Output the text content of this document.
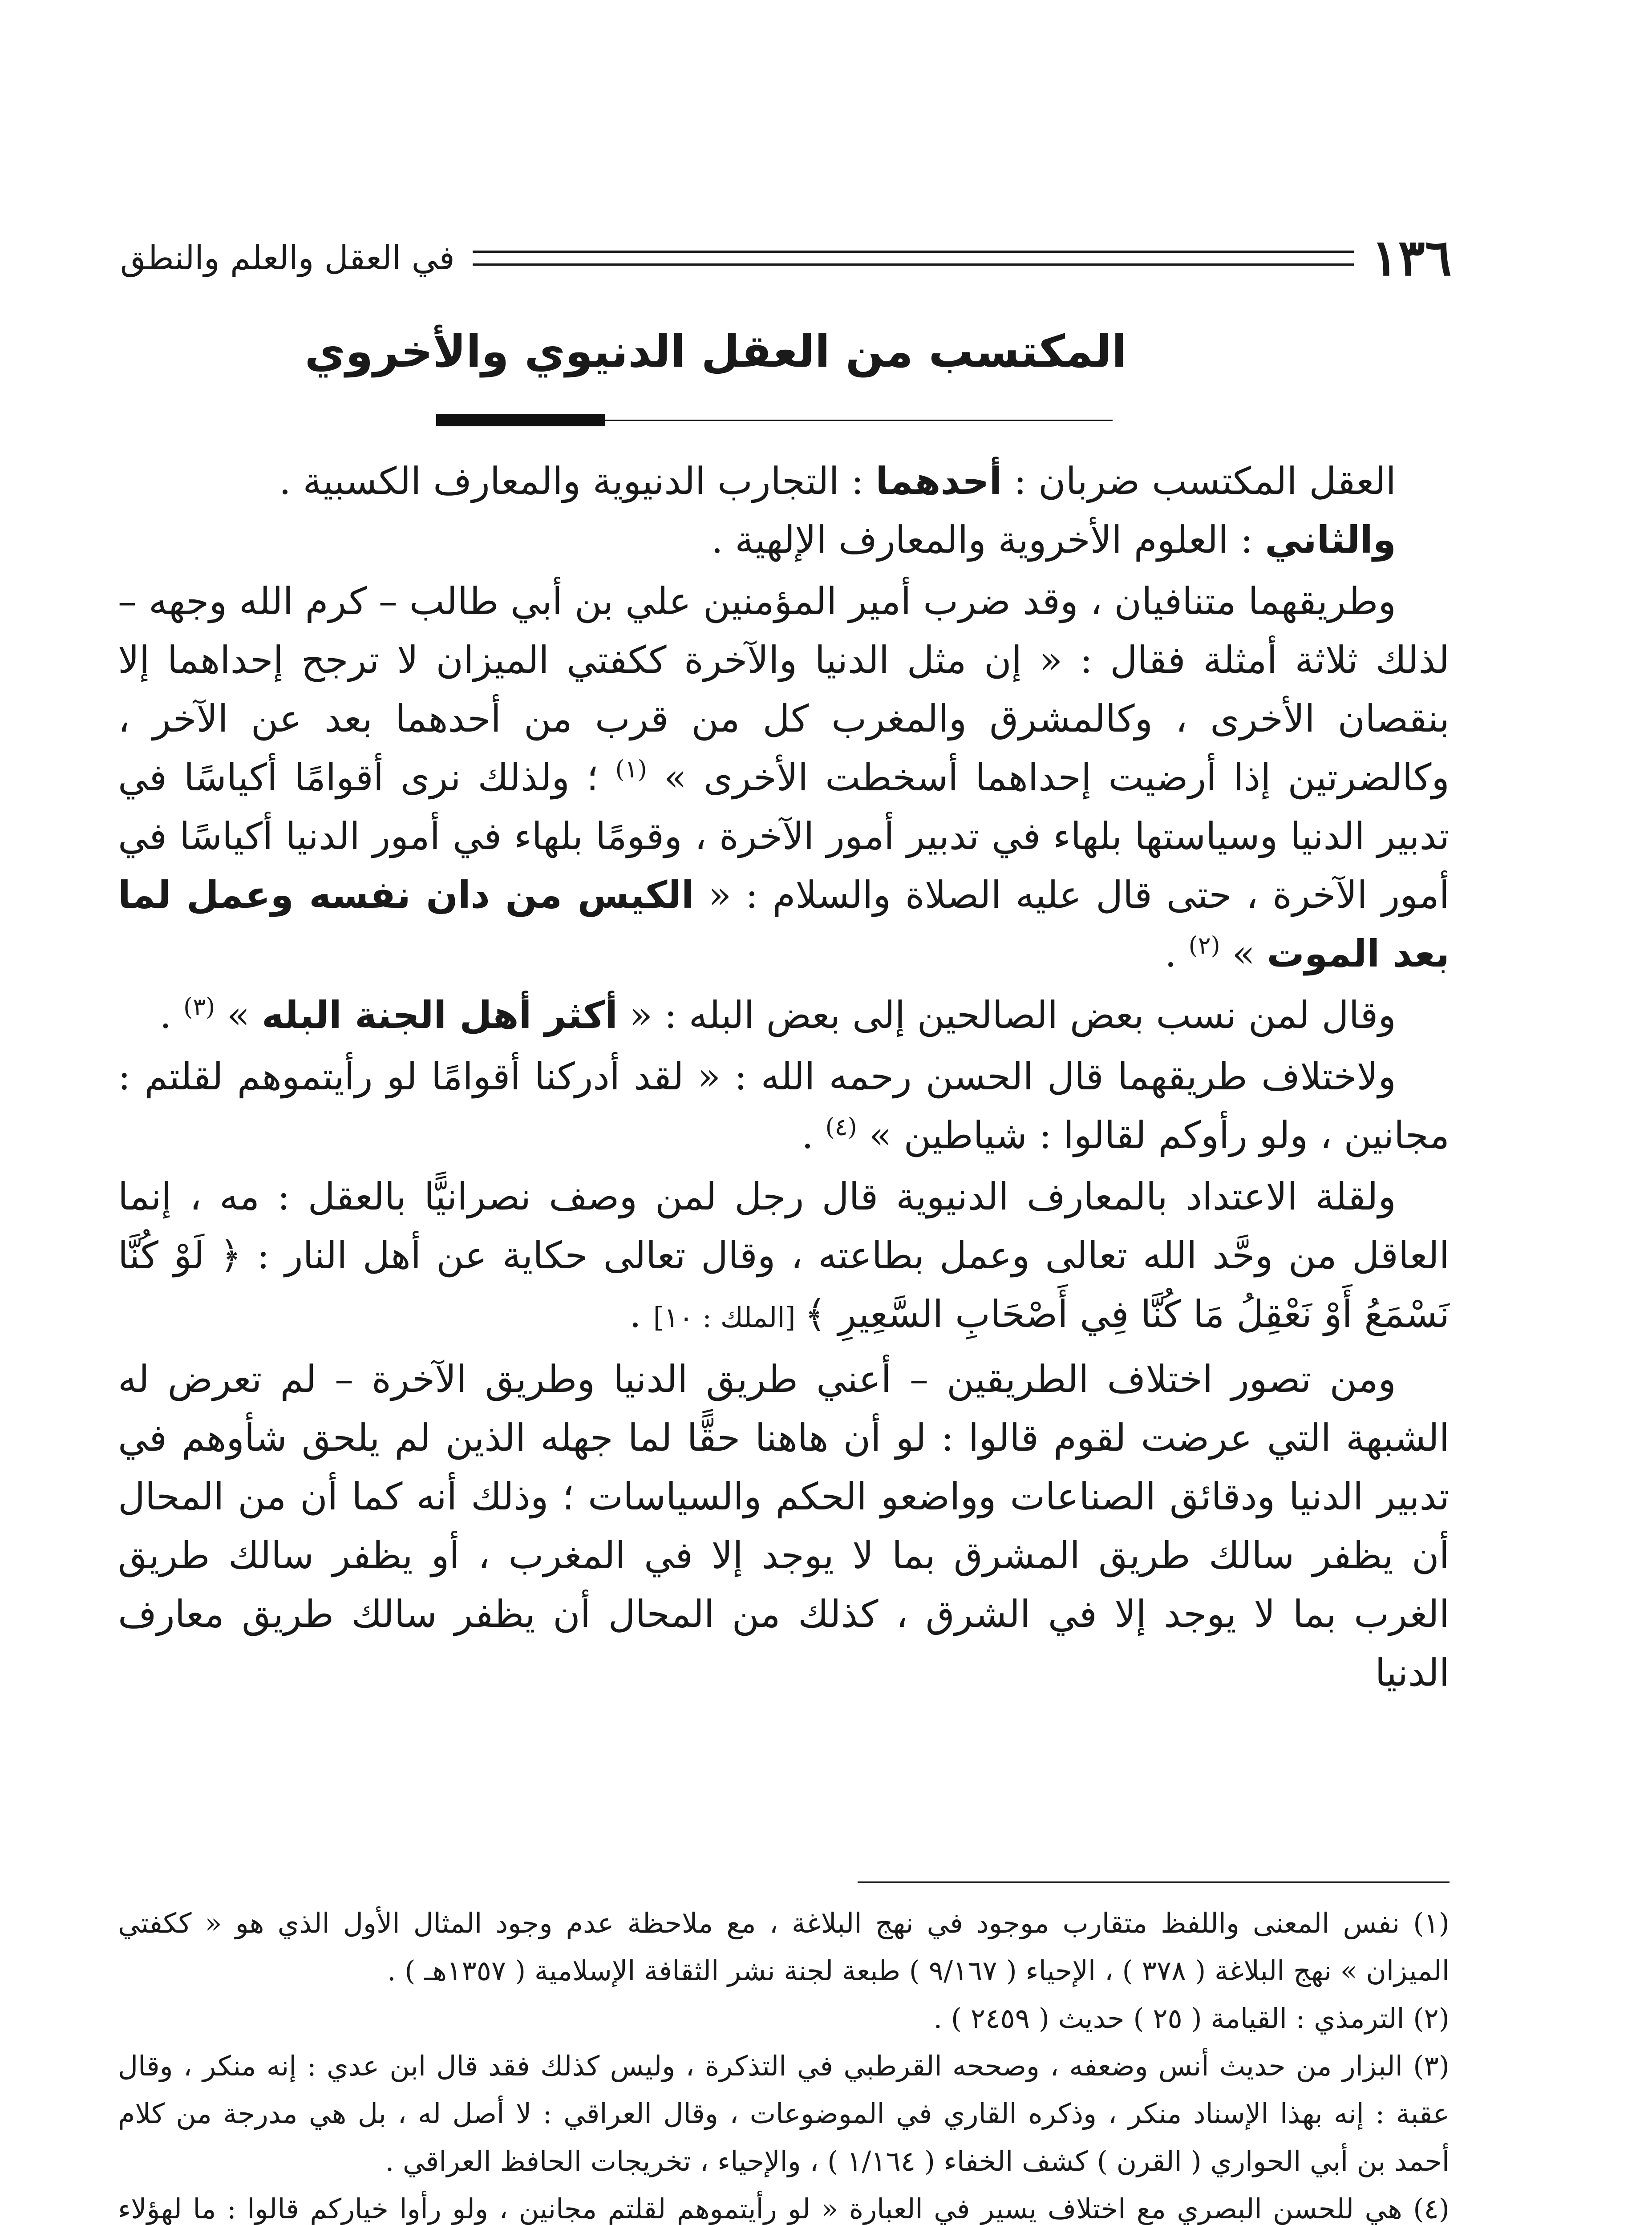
١٣٦
في العقل والعلم والنطق
المكتسب من العقل الدنيوي والأخروي

العقل المكتسب ضربان : أحدهما : التجارب الدنيوية والمعارف الكسبية .

والثاني : العلوم الأخروية والمعارف الإلهية .

وطريقهما متنافيان ، وقد ضرب أمير المؤمنين علي بن أبي طالب – كرم الله وجهه – لذلك ثلاثة أمثلة فقال : « إن مثل الدنيا والآخرة ككفتي الميزان لا ترجح إحداهما إلا بنقصان الأخرى ، وكالمشرق والمغرب كل من قرب من أحدهما بعد عن الآخر ، وكالضرتين إذا أرضيت إحداهما أسخطت الأخرى » $^{(١)}$ ؛ ولذلك نرى أقوامًا أكياسًا في تدبير الدنيا وسياستها بلهاء في تدبير أمور الآخرة ، وقومًا بلهاء في أمور الدنيا أكياسًا في أمور الآخرة ، حتى قال عليه الصلاة والسلام : « الكيس من دان نفسه وعمل لما بعد الموت » $^{(٢)}$ .

وقال لمن نسب بعض الصالحين إلى بعض البله : « أكثر أهل الجنة البله » $^{(٣)}$ .

ولاختلاف طريقهما قال الحسن رحمه الله : « لقد أدركنا أقوامًا لو رأيتموهم لقلتم : مجانين ، ولو رأوكم لقالوا : شياطين » $^{(٤)}$ .

ولقلة الاعتداد بالمعارف الدنيوية قال رجل لمن وصف نصرانيًّا بالعقل : مه ، إنما العاقل من وحَّد الله تعالى وعمل بطاعته ، وقال تعالى حكاية عن أهل النار : ﴿ لَوْ كُنَّا نَسْمَعُ أَوْ نَعْقِلُ مَا كُنَّا فِي أَصْحَابِ السَّعِيرِ ﴾ [الملك : ١٠] .

ومن تصور اختلاف الطريقين – أعني طريق الدنيا وطريق الآخرة – لم تعرض له الشبهة التي عرضت لقوم قالوا : لو أن هاهنا حقًّا لما جهله الذين لم يلحق شأوهم في تدبير الدنيا ودقائق الصناعات وواضعو الحكم والسياسات ؛ وذلك أنه كما أن من المحال أن يظفر سالك طريق المشرق بما لا يوجد إلا في المغرب ، أو يظفر سالك طريق الغرب بما لا يوجد إلا في الشرق ، كذلك من المحال أن يظفر سالك طريق معارف الدنيا

(١) نفس المعنى واللفظ متقارب موجود في نهج البلاغة ، مع ملاحظة عدم وجود المثال الأول الذي هو « ككفتي الميزان » نهج البلاغة ( ٣٧٨ ) ، الإحياء ( ٩/١٦٧ ) طبعة لجنة نشر الثقافة الإسلامية ( ١٣٥٧هـ ) .

(٢) الترمذي : القيامة ( ٢٥ ) حديث ( ٢٤٥٩ ) .

(٣) البزار من حديث أنس وضعفه ، وصححه القرطبي في التذكرة ، وليس كذلك فقد قال ابن عدي : إنه منكر ، وقال عقبة : إنه بهذا الإسناد منكر ، وذكره القاري في الموضوعات ، وقال العراقي : لا أصل له ، بل هي مدرجة من كلام أحمد بن أبي الحواري ( القرن ) كشف الخفاء ( ١/١٦٤ ) ، والإحياء ، تخريجات الحافظ العراقي .

(٤) هي للحسن البصري مع اختلاف يسير في العبارة « لو رأيتموهم لقلتم مجانين ، ولو رأوا خياركم قالوا : ما لهؤلاء
